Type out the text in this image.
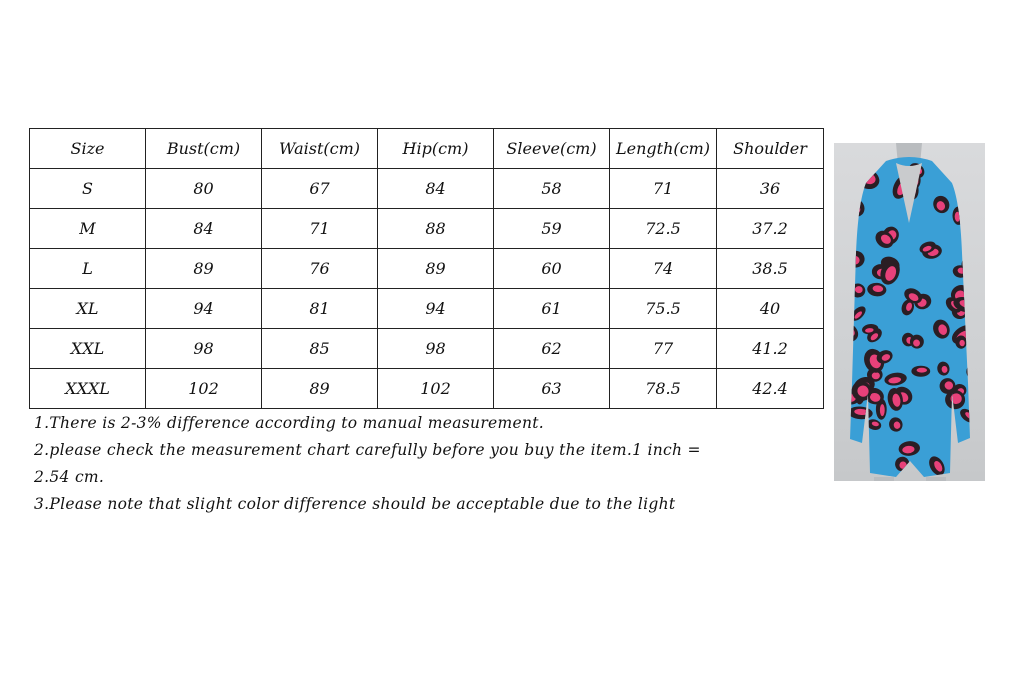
Size	Bust(cm)	Waist(cm)	Hip(cm)	Sleeve(cm)	Length(cm)	Shoulder
S	80	67	84	58	71	36
M	84	71	88	59	72.5	37.2
L	89	76	89	60	74	38.5
XL	94	81	94	61	75.5	40
XXL	98	85	98	62	77	41.2
XXXL	102	89	102	63	78.5	42.4

1.There is 2-3% difference according to manual measurement.

2.please check the measurement chart carefully before you buy the item.1 inch = 2.54 cm.

3.Please note that slight color difference should be acceptable due to the light
